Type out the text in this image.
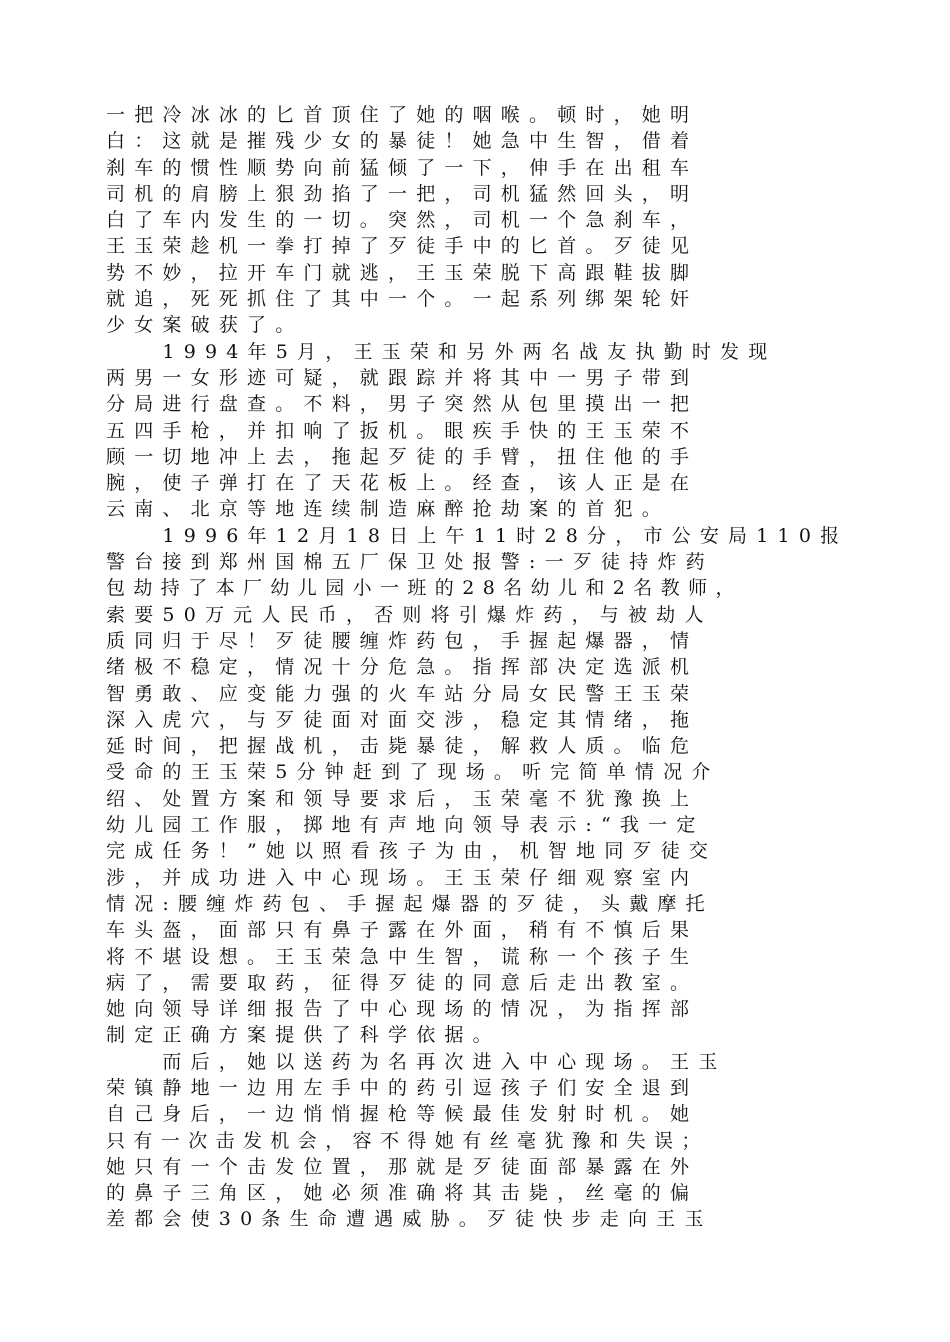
一把冷冰冰的匕首顶住了她的咽喉。顿时，她明
白：这就是摧残少女的暴徒！她急中生智，借着
刹车的惯性顺势向前猛倾了一下，伸手在出租车
司机的肩膀上狠劲掐了一把，司机猛然回头，明
白了车内发生的一切。突然，司机一个急刹车，
王玉荣趁机一拳打掉了歹徒手中的匕首。歹徒见
势不妙，拉开车门就逃，王玉荣脱下高跟鞋拔脚
就追，死死抓住了其中一个。一起系列绑架轮奸
少女案破获了。
　　1994年5月，王玉荣和另外两名战友执勤时发现
两男一女形迹可疑，就跟踪并将其中一男子带到
分局进行盘查。不料，男子突然从包里摸出一把
五四手枪，并扣响了扳机。眼疾手快的王玉荣不
顾一切地冲上去，拖起歹徒的手臂，扭住他的手
腕，使子弹打在了天花板上。经查，该人正是在
云南、北京等地连续制造麻醉抢劫案的首犯。
　　1996年12月18日上午11时28分，市公安局110报
警台接到郑州国棉五厂保卫处报警:一歹徒持炸药
包劫持了本厂幼儿园小一班的28名幼儿和2名教师，
索要50万元人民币，否则将引爆炸药，与被劫人
质同归于尽！歹徒腰缠炸药包，手握起爆器，情
绪极不稳定，情况十分危急。指挥部决定选派机
智勇敢、应变能力强的火车站分局女民警王玉荣
深入虎穴，与歹徒面对面交涉，稳定其情绪，拖
延时间，把握战机，击毙暴徒，解救人质。临危
受命的王玉荣5分钟赶到了现场。听完简单情况介
绍、处置方案和领导要求后，玉荣毫不犹豫换上
幼儿园工作服，掷地有声地向领导表示:“我一定
完成任务！”她以照看孩子为由，机智地同歹徒交
涉，并成功进入中心现场。王玉荣仔细观察室内
情况:腰缠炸药包、手握起爆器的歹徒，头戴摩托
车头盔，面部只有鼻子露在外面，稍有不慎后果
将不堪设想。王玉荣急中生智，谎称一个孩子生
病了，需要取药，征得歹徒的同意后走出教室。
她向领导详细报告了中心现场的情况，为指挥部
制定正确方案提供了科学依据。
　　而后，她以送药为名再次进入中心现场。王玉
荣镇静地一边用左手中的药引逗孩子们安全退到
自己身后，一边悄悄握枪等候最佳发射时机。她
只有一次击发机会，容不得她有丝毫犹豫和失误；
她只有一个击发位置，那就是歹徒面部暴露在外
的鼻子三角区，她必须准确将其击毙，丝毫的偏
差都会使30条生命遭遇威胁。歹徒快步走向王玉
